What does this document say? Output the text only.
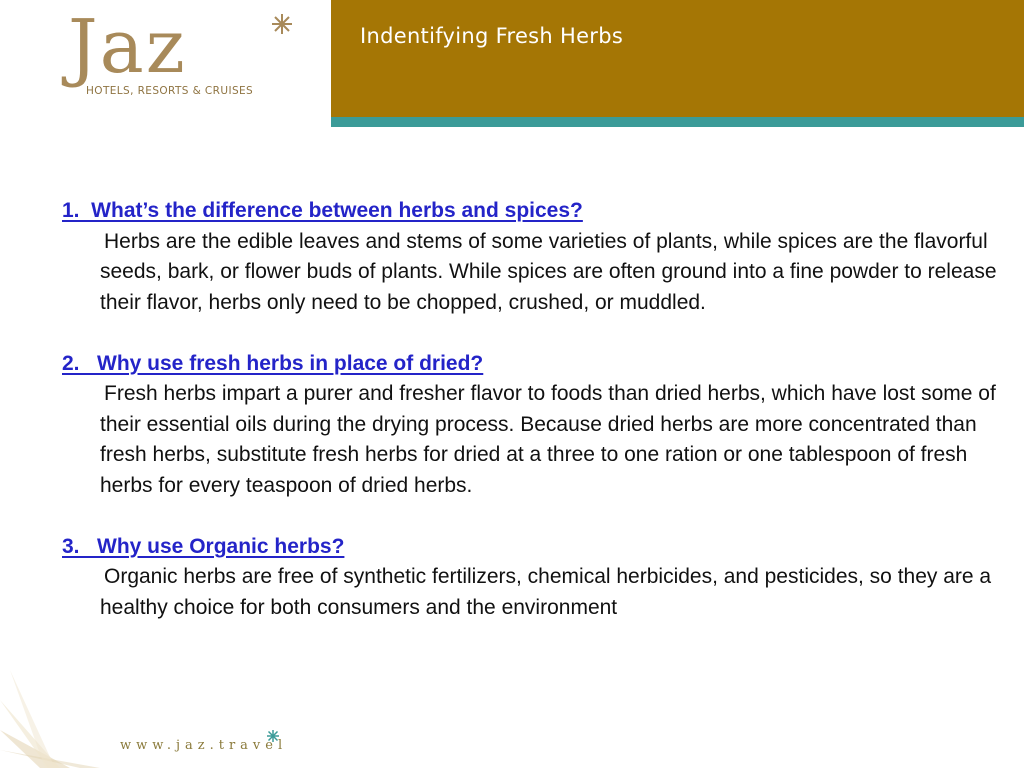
Jaz
HOTELS, RESORTS & CRUISES
Indentifying Fresh Herbs
1.  What’s the difference between herbs and spices?
Herbs are the edible leaves and stems of some varieties of plants, while spices are the flavorful seeds, bark, or flower buds of plants. While spices are often ground into a fine powder to release their flavor, herbs only need to be chopped, crushed, or muddled.
2.   Why use fresh herbs in place of dried?
Fresh herbs impart a purer and fresher flavor to foods than dried herbs, which have lost some of their essential oils during the drying process. Because dried herbs are more concentrated than fresh herbs, substitute fresh herbs for dried at a three to one ration or one tablespoon of fresh herbs for every teaspoon of dried herbs.
3.   Why use Organic herbs?
Organic herbs are free of synthetic fertilizers, chemical herbicides, and pesticides, so they are a healthy choice for both consumers and the environment
www.jaz.travel
